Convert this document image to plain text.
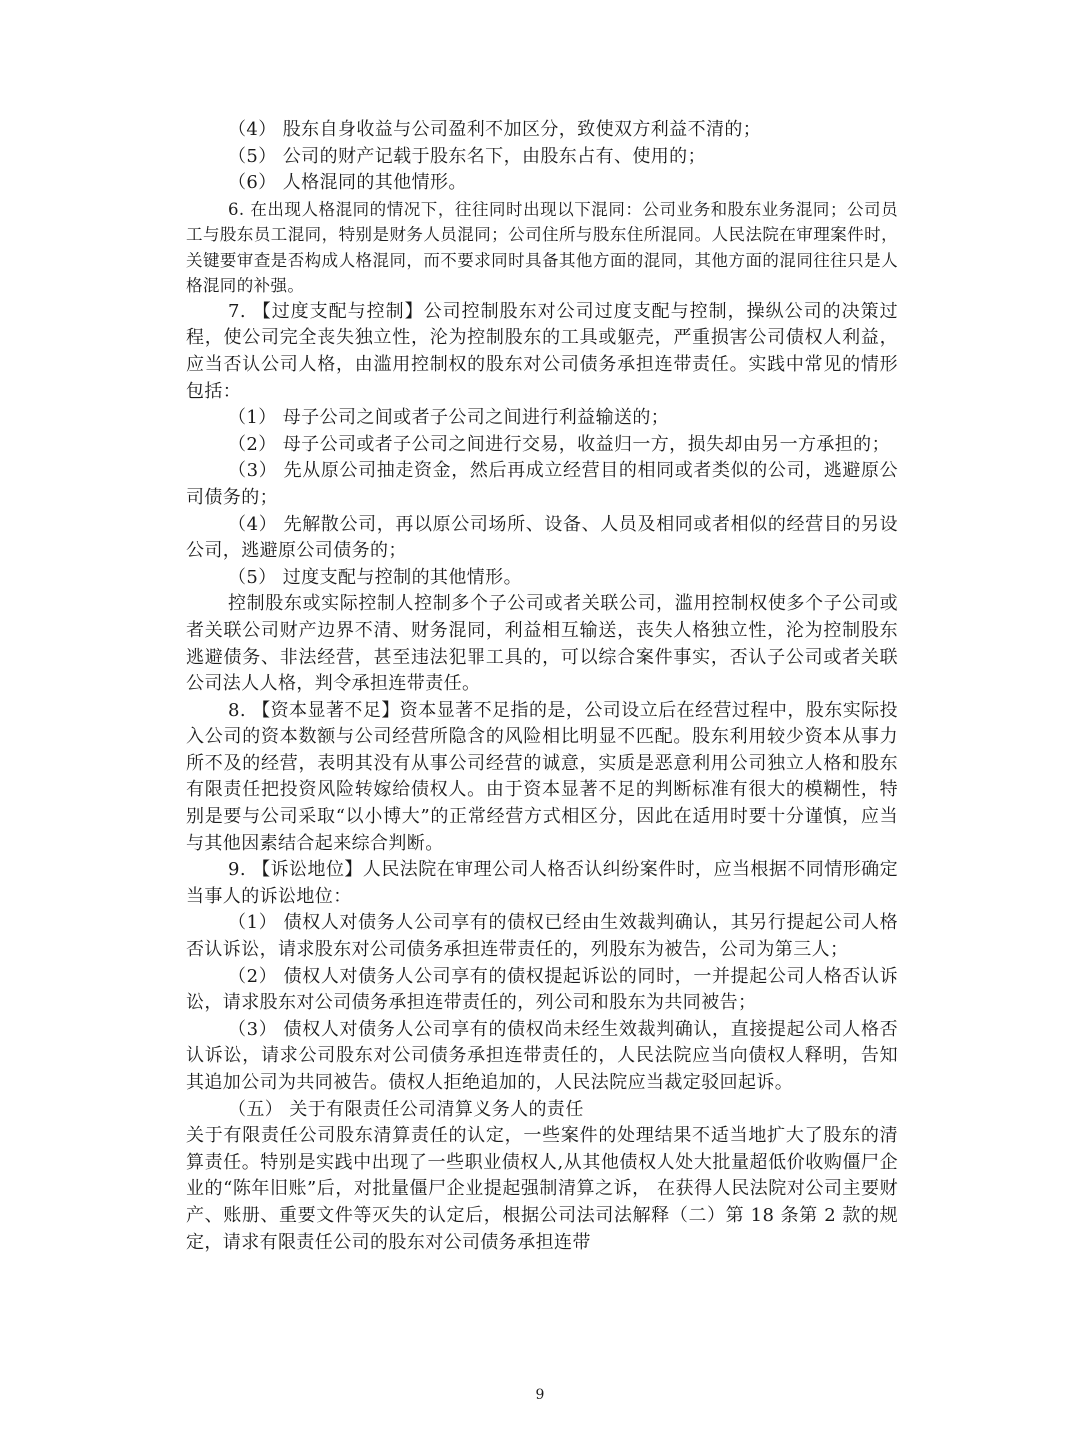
（4） 股东自身收益与公司盈利不加区分，致使双方利益不清的；

（5） 公司的财产记载于股东名下，由股东占有、使用的；

（6） 人格混同的其他情形。

6. 在出现人格混同的情况下，往往同时出现以下混同：公司业务和股东业务混同；公司员工与股东员工混同，特别是财务人员混同；公司住所与股东住所混同。人民法院在审理案件时，关键要审查是否构成人格混同，而不要求同时具备其他方面的混同，其他方面的混同往往只是人格混同的补强。

7. 【过度支配与控制】公司控制股东对公司过度支配与控制，操纵公司的决策过程，使公司完全丧失独立性，沦为控制股东的工具或躯壳，严重损害公司债权人利益，应当否认公司人格，由滥用控制权的股东对公司债务承担连带责任。实践中常见的情形包括：

（1） 母子公司之间或者子公司之间进行利益输送的；

（2） 母子公司或者子公司之间进行交易，收益归一方，损失却由另一方承担的；

（3） 先从原公司抽走资金，然后再成立经营目的相同或者类似的公司，逃避原公司债务的；

（4） 先解散公司，再以原公司场所、设备、人员及相同或者相似的经营目的另设公司，逃避原公司债务的；

（5） 过度支配与控制的其他情形。

控制股东或实际控制人控制多个子公司或者关联公司，滥用控制权使多个子公司或者关联公司财产边界不清、财务混同，利益相互输送，丧失人格独立性，沦为控制股东逃避债务、非法经营，甚至违法犯罪工具的，可以综合案件事实，否认子公司或者关联公司法人人格，判令承担连带责任。

8. 【资本显著不足】资本显著不足指的是，公司设立后在经营过程中，股东实际投入公司的资本数额与公司经营所隐含的风险相比明显不匹配。股东利用较少资本从事力所不及的经营，表明其没有从事公司经营的诚意，实质是恶意利用公司独立人格和股东有限责任把投资风险转嫁给债权人。由于资本显著不足的判断标准有很大的模糊性，特别是要与公司采取“以小博大”的正常经营方式相区分，因此在适用时要十分谨慎，应当与其他因素结合起来综合判断。

9. 【诉讼地位】人民法院在审理公司人格否认纠纷案件时，应当根据不同情形确定当事人的诉讼地位：

（1） 债权人对债务人公司享有的债权已经由生效裁判确认，其另行提起公司人格否认诉讼，请求股东对公司债务承担连带责任的，列股东为被告，公司为第三人；

（2） 债权人对债务人公司享有的债权提起诉讼的同时，一并提起公司人格否认诉讼，请求股东对公司债务承担连带责任的，列公司和股东为共同被告；

（3） 债权人对债务人公司享有的债权尚未经生效裁判确认，直接提起公司人格否认诉讼，请求公司股东对公司债务承担连带责任的，人民法院应当向债权人释明，告知其追加公司为共同被告。债权人拒绝追加的，人民法院应当裁定驳回起诉。

（五） 关于有限责任公司清算义务人的责任

关于有限责任公司股东清算责任的认定，一些案件的处理结果不适当地扩大了股东的清算责任。特别是实践中出现了一些职业债权人,从其他债权人处大批量超低价收购僵尸企业的“陈年旧账”后，对批量僵尸企业提起强制清算之诉， 在获得人民法院对公司主要财产、账册、重要文件等灭失的认定后，根据公司法司法解释（二）第 18 条第 2 款的规定，请求有限责任公司的股东对公司债务承担连带

9
